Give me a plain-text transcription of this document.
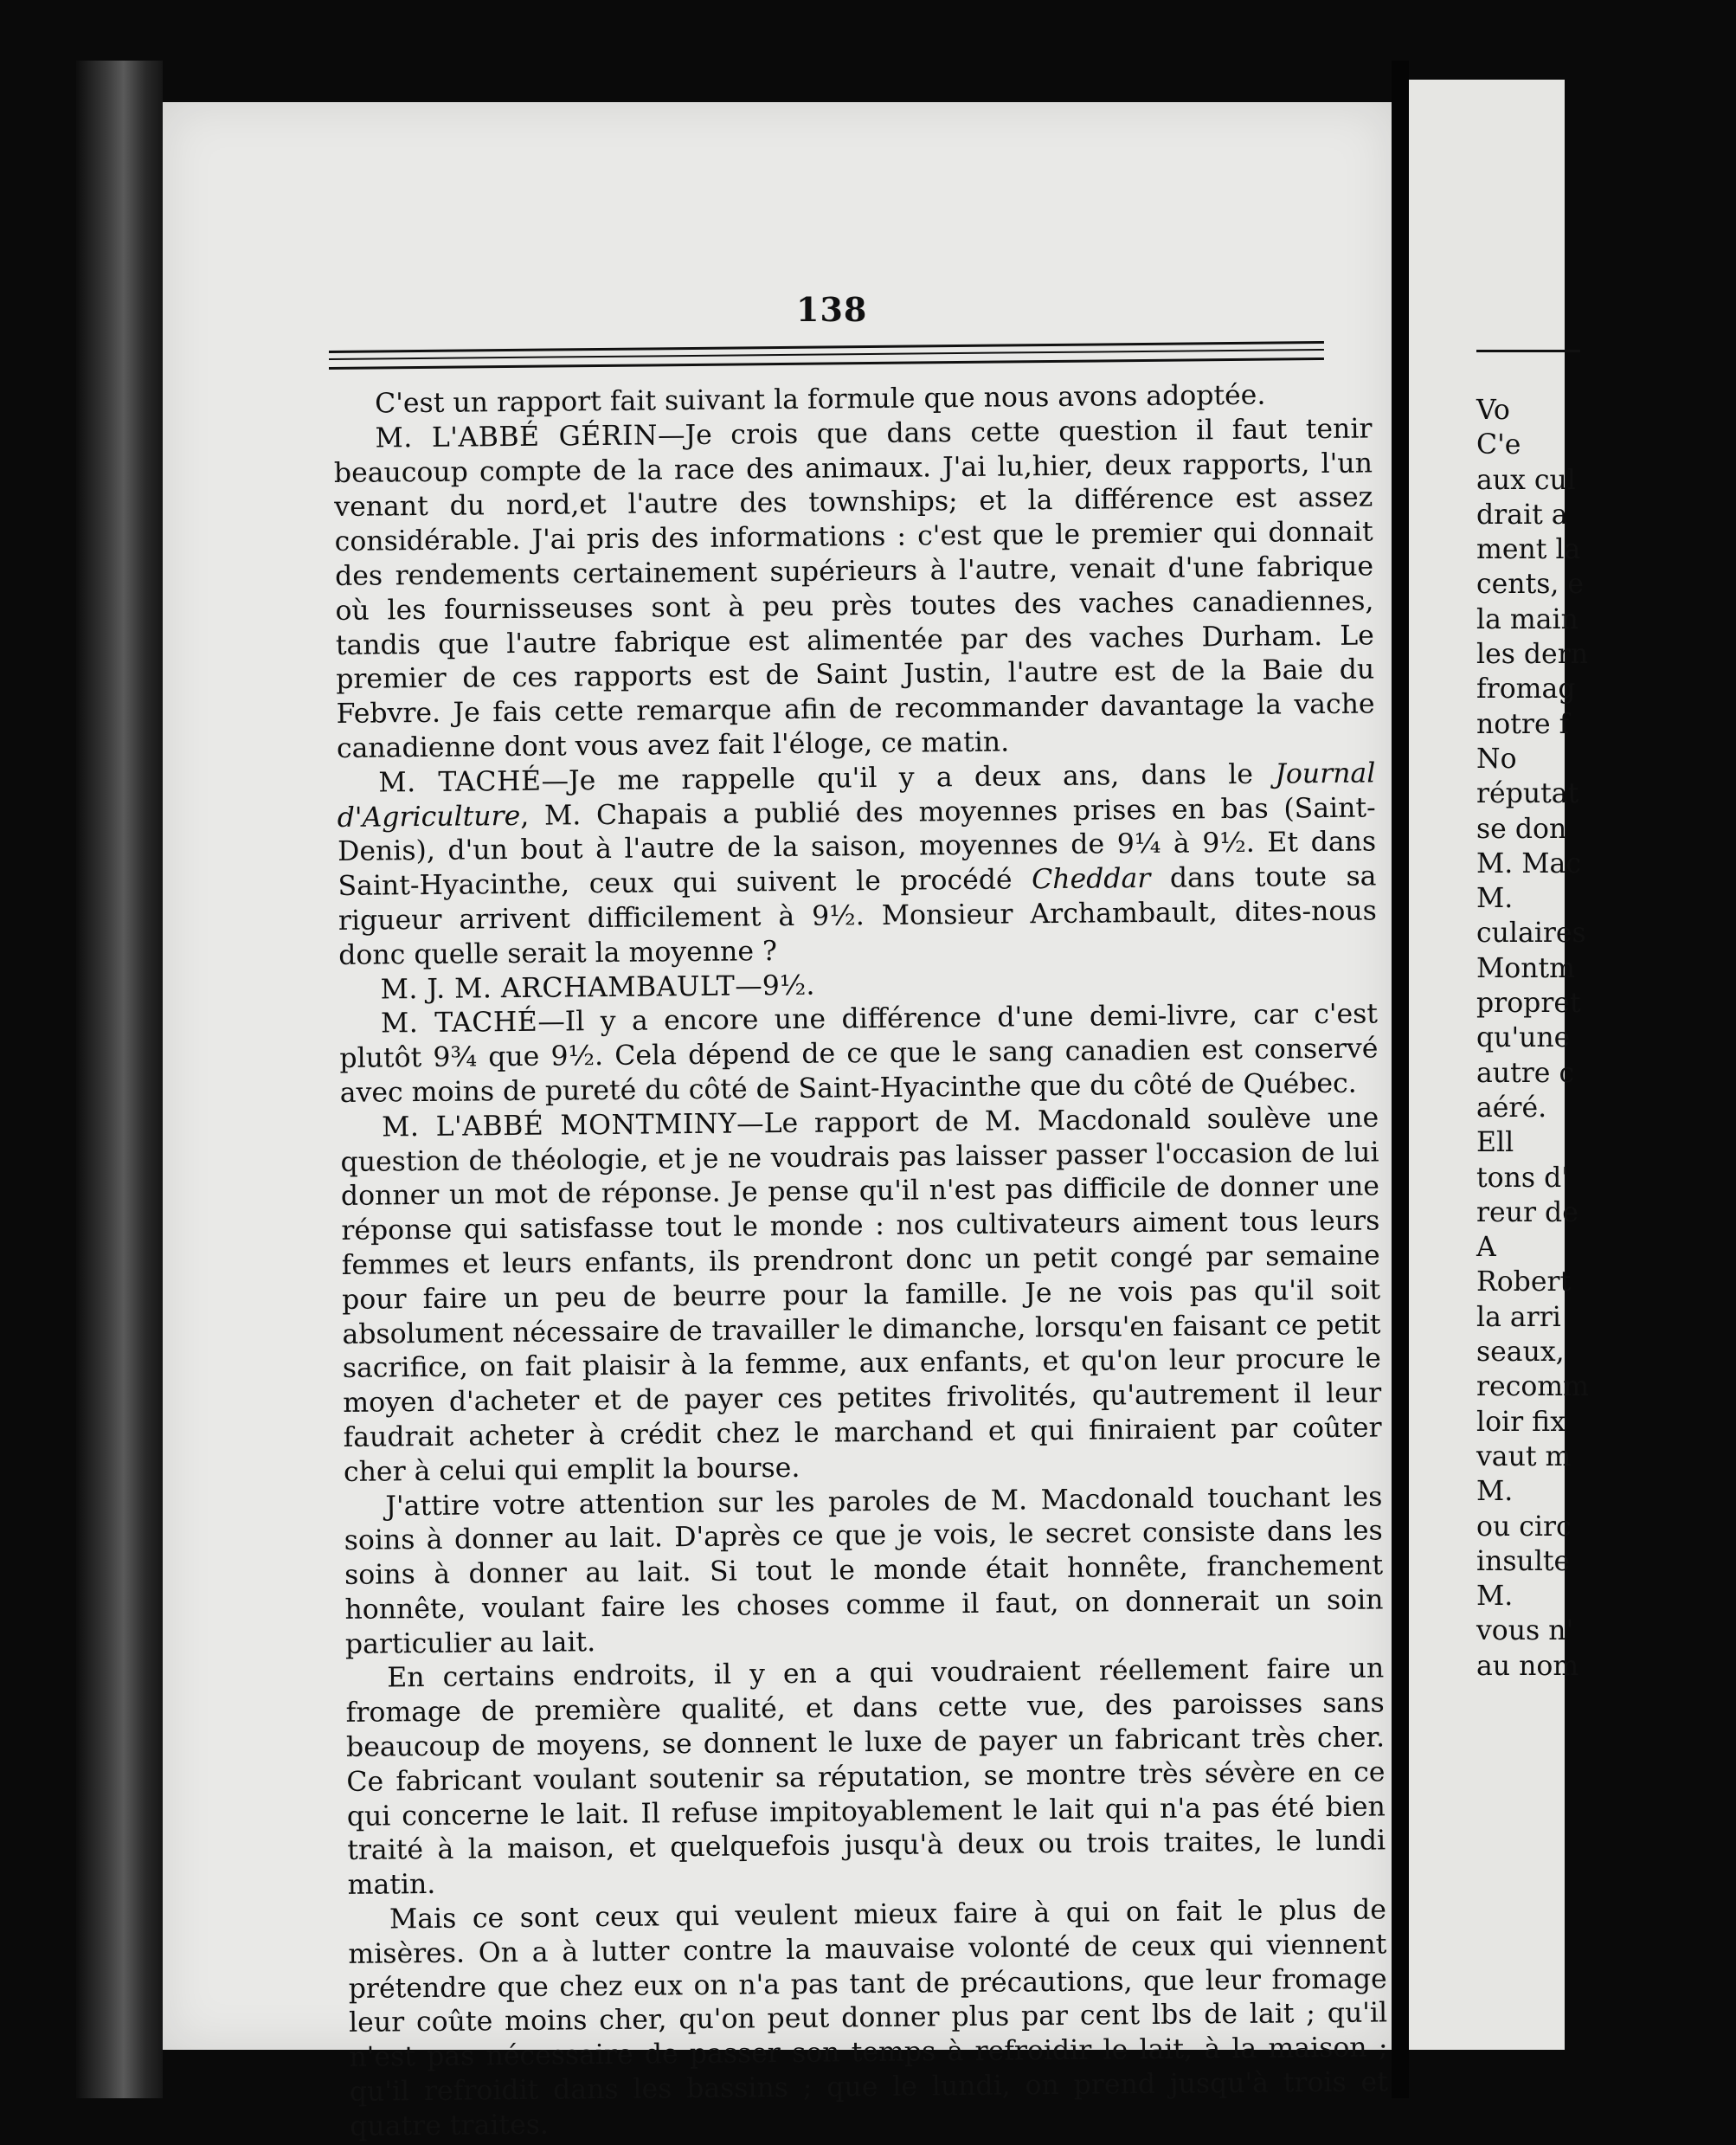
138

C'est un rapport fait suivant la formule que nous avons adoptée.

M. L'ABBÉ GÉRIN—Je crois que dans cette question il faut tenir beaucoup compte de la race des animaux. J'ai lu,hier, deux rapports, l'un venant du nord,et l'autre des townships; et la différence est assez considérable. J'ai pris des informations : c'est que le premier qui donnait des rendements certainement supérieurs à l'autre, venait d'une fabrique où les fournisseuses sont à peu près toutes des vaches canadiennes, tandis que l'autre fabrique est alimentée par des vaches Durham. Le premier de ces rapports est de Saint Justin, l'autre est de la Baie du Febvre. Je fais cette remarque afin de recommander davantage la vache canadienne dont vous avez fait l'éloge, ce matin.

M. TACHÉ—Je me rappelle qu'il y a deux ans, dans le Journal d'Agriculture, M. Chapais a publié des moyennes prises en bas (Saint-Denis), d'un bout à l'autre de la saison, moyennes de 9¼ à 9½. Et dans Saint-Hyacinthe, ceux qui suivent le procédé Cheddar dans toute sa rigueur arrivent difficilement à 9½. Monsieur Archambault, dites-nous donc quelle serait la moyenne ?

M. J. M. ARCHAMBAULT—9½.

M. TACHÉ—Il y a encore une différence d'une demi-livre, car c'est plutôt 9¾ que 9½. Cela dépend de ce que le sang canadien est conservé avec moins de pureté du côté de Saint-Hyacinthe que du côté de Québec.

M. L'ABBÉ MONTMINY—Le rapport de M. Macdonald soulève une question de théologie, et je ne voudrais pas laisser passer l'occasion de lui donner un mot de réponse. Je pense qu'il n'est pas difficile de donner une réponse qui satisfasse tout le monde : nos cultivateurs aiment tous leurs femmes et leurs enfants, ils prendront donc un petit congé par semaine pour faire un peu de beurre pour la famille. Je ne vois pas qu'il soit absolument nécessaire de travailler le dimanche, lorsqu'en faisant ce petit sacrifice, on fait plaisir à la femme, aux enfants, et qu'on leur procure le moyen d'acheter et de payer ces petites frivolités, qu'autrement il leur faudrait acheter à crédit chez le marchand et qui finiraient par coûter cher à celui qui emplit la bourse.

J'attire votre attention sur les paroles de M. Macdonald touchant les soins à donner au lait. D'après ce que je vois, le secret consiste dans les soins à donner au lait. Si tout le monde était honnête, franchement honnête, voulant faire les choses comme il faut, on donnerait un soin particulier au lait.

En certains endroits, il y en a qui voudraient réellement faire un fromage de première qualité, et dans cette vue, des paroisses sans beaucoup de moyens, se donnent le luxe de payer un fabricant très cher. Ce fabricant voulant soutenir sa réputation, se montre très sévère en ce qui concerne le lait. Il refuse impitoyablement le lait qui n'a pas été bien traité à la maison, et quelquefois jusqu'à deux ou trois traites, le lundi matin.

Mais ce sont ceux qui veulent mieux faire à qui on fait le plus de misères. On a à lutter contre la mauvaise volonté de ceux qui viennent prétendre que chez eux on n'a pas tant de précautions, que leur fromage leur coûte moins cher, qu'on peut donner plus par cent lbs de lait ; qu'il n'est pas nécessaire de passer son temps à refroidir le lait, à la maison ; qu'il refroidit dans les bassins ; que le lundi, on prend jusqu'à trois et quatre traites.

Vo
C'e
aux cul
drait a
ment la
cents, e
la main
les dern
fromag
notre f
No
réputat
se don
M. Mac
M.
culaires
Montm
propret
qu'une
autre c
aéré.
Ell
tons d'
reur de
A
Robert
la arri
seaux,
recomm
loir fix
vaut m
M.
ou circ
insulte
M.
vous n'
au nom
